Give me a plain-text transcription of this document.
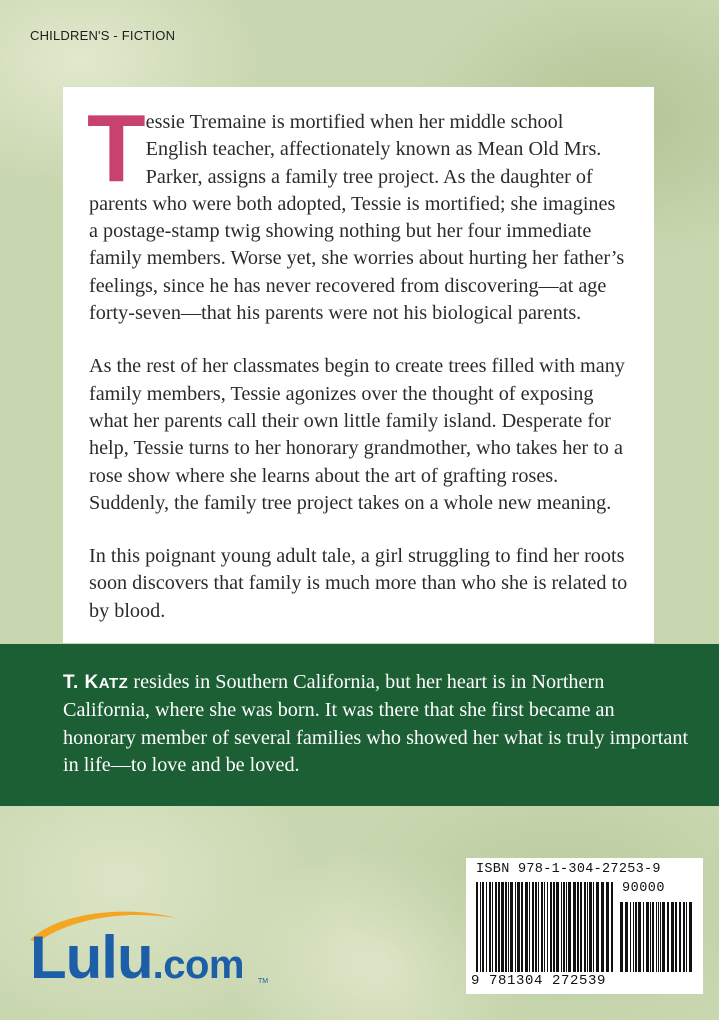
CHILDREN'S - FICTION

Tessie Tremaine is mortified when her middle school English teacher, affectionately known as Mean Old Mrs. Parker, assigns a family tree project. As the daughter of parents who were both adopted, Tessie is mortified; she imagines a postage-stamp twig showing nothing but her four immediate family members. Worse yet, she worries about hurting her father’s feelings, since he has never recovered from discovering—at age forty-seven—that his parents were not his biological parents.

As the rest of her classmates begin to create trees filled with many family members, Tessie agonizes over the thought of exposing what her parents call their own little family island. Desperate for help, Tessie turns to her honorary grandmother, who takes her to a rose show where she learns about the art of grafting roses. Suddenly, the family tree project takes on a whole new meaning.

In this poignant young adult tale, a girl struggling to find her roots soon discovers that family is much more than who she is related to by blood.

T. KATZ resides in Southern California, but her heart is in Northern California, where she was born. It was there that she first became an honorary member of several families who showed her what is truly important in life—to love and be loved.
Lulu.com TM
ISBN 978-1-304-27253-9
90000
9 781304 272539
